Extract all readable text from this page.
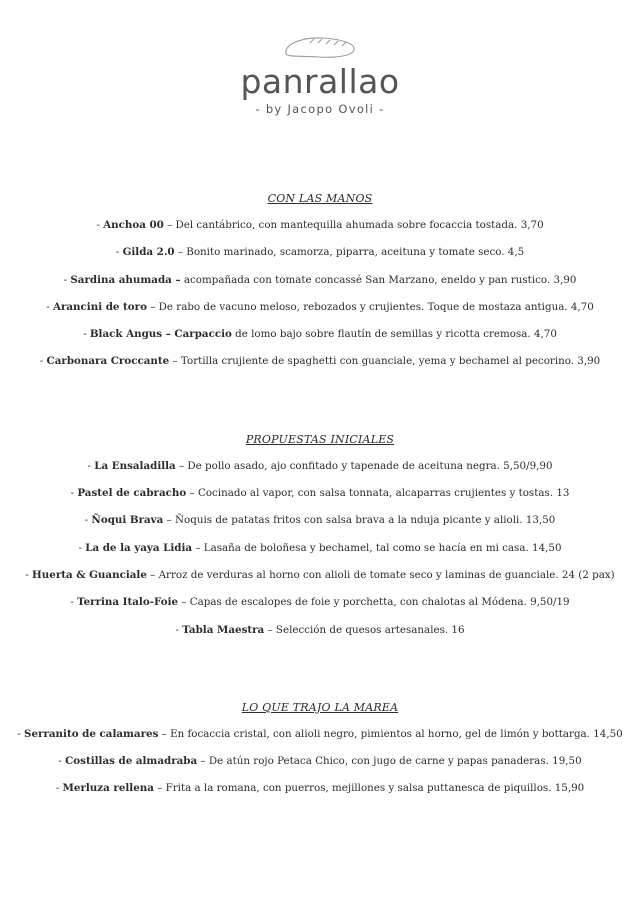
panrallao
- by Jacopo Ovoli -
CON LAS MANOS
- Anchoa 00 – Del cantábrico, con mantequilla ahumada sobre focaccia tostada. 3,70
- Gilda 2.0 – Bonito marinado, scamorza, piparra, aceituna y tomate seco. 4,5
- Sardina ahumada – acompañada con tomate concassé San Marzano, eneldo y pan rustico. 3,90
- Arancini de toro – De rabo de vacuno meloso, rebozados y crujientes. Toque de mostaza antigua. 4,70
- Black Angus – Carpaccio de lomo bajo sobre flautín de semillas y ricotta cremosa. 4,70
- Carbonara Croccante – Tortilla crujiente de spaghetti con guanciale, yema y bechamel al pecorino. 3,90
PROPUESTAS INICIALES
- La Ensaladilla – De pollo asado, ajo confitado y tapenade de aceituna negra. 5,50/9,90
- Pastel de cabracho – Cocinado al vapor, con salsa tonnata, alcaparras crujientes y tostas. 13
- Ñoqui Brava – Ñoquis de patatas fritos con salsa brava a la nduja picante y alioli. 13,50
- La de la yaya Lidia – Lasaña de boloñesa y bechamel, tal como se hacía en mi casa. 14,50
- Huerta & Guanciale – Arroz de verduras al horno con alioli de tomate seco y laminas de guanciale. 24 (2 pax)
- Terrina Italo-Foie – Capas de escalopes de foie y porchetta, con chalotas al Módena. 9,50/19
- Tabla Maestra – Selección de quesos artesanales. 16
LO QUE TRAJO LA MAREA
- Serranito de calamares – En focaccia cristal, con alioli negro, pimientos al horno, gel de limón y bottarga. 14,50
- Costillas de almadraba – De atún rojo Petaca Chico, con jugo de carne y papas panaderas. 19,50
- Merluza rellena – Frita a la romana, con puerros, mejillones y salsa puttanesca de piquillos. 15,90
